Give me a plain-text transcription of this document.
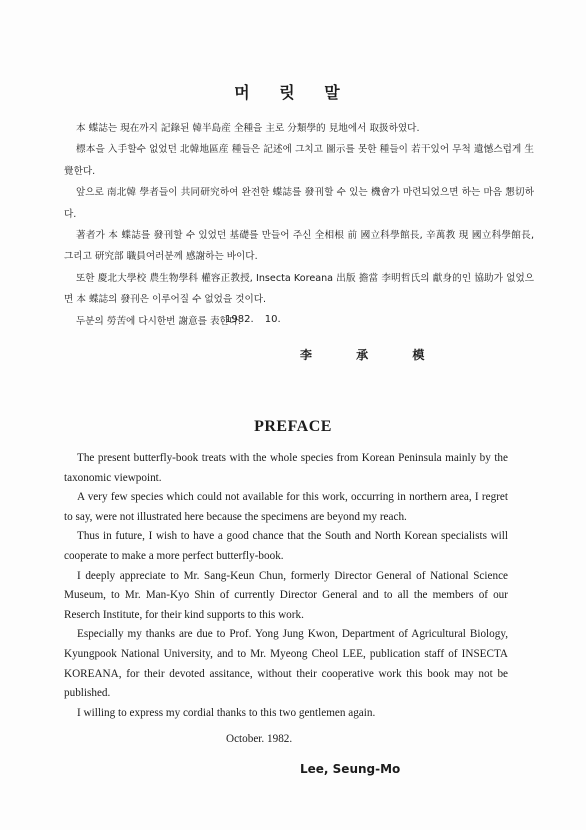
머 릿 말

本 蝶誌는 現在까지 記錄된 韓半島産 全種을 主로 分類學的 見地에서 取扱하였다.

標本을 入手할수 없었던 北韓地區産 種들은 記述에 그치고 圖示를 못한 種들이 若干있어 무척 遺憾스럽게 生覺한다.

앞으로 南北韓 學者들이 共同研究하여 완전한 蝶誌를 發刊할 수 있는 機會가 마련되었으면 하는 마음 懇切하다.

著者가 本 蝶誌를 發刊할 수 있었던 基礎를 만들어 주신 全相根 前 國立科學館長, 辛萬教 現 國立科學館長, 그리고 研究部 職員여러분께 感謝하는 바이다.

또한 慶北大學校 農生物學科 權容正教授, Insecta Koreana 出版 擔當 李明哲氏의 獻身的인 協助가 없었으면 本 蝶誌의 發刊은 이루어질 수 없었을 것이다.

두분의 勞苦에 다시한번 謝意를 表한다.

1982. 10.
李 承 模
PREFACE

The present butterfly-book treats with the whole species from Korean Peninsula mainly by the taxonomic viewpoint.

A very few species which could not available for this work, occurring in northern area, I regret to say, were not illustrated here because the specimens are beyond my reach.

Thus in future, I wish to have a good chance that the South and North Korean specialists will cooperate to make a more perfect butterfly-book.

I deeply appreciate to Mr. Sang-Keun Chun, formerly Director General of National Science Museum, to Mr. Man-Kyo Shin of currently Director General and to all the members of our Reserch Institute, for their kind supports to this work.

Especially my thanks are due to Prof. Yong Jung Kwon, Department of Agricultural Biology, Kyungpook National University, and to Mr. Myeong Cheol LEE, publication staff of INSECTA KOREANA, for their devoted assitance, without their cooperative work this book may not be published.

I willing to express my cordial thanks to this two gentlemen again.

October. 1982.
Lee, Seung-Mo
